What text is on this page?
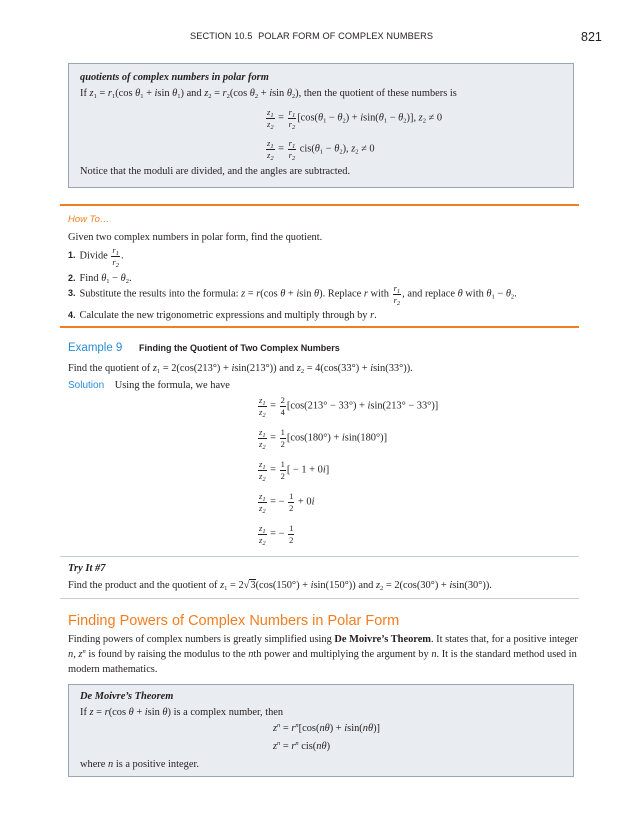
SECTION 10.5 POLAR FORM OF COMPLEX NUMBERS	821
quotients of complex numbers in polar form
If $z_1 = r_1(\cos$ $\theta_1 + isin$ $\theta_1$) and $z_2 = r_2(\cos$ $\theta_2 + isin$ $\theta_2$), then the quotient of these numbers is
$\frac{z_1}{z_2} = \frac{r_1}{r_2} [\cos(\theta_1 - \theta_2) + isin(\theta_1 - \theta_2)]$, $z_2 \ne 0$
$\frac{z_1}{z_2} = \frac{r_1}{r_2} cis(\theta_1 - \theta_2)$, $z_2 \ne 0$
Notice that the moduli are divided, and the angles are subtracted.
How To…
Given two complex numbers in polar form, find the quotient.
1. Divide $\frac{r_1}{r_2}$ .
2. Find $\theta_1 - \theta_2$.
3. Substitute the results into the formula: z = r(cos θ + isin θ). Replace r with $\frac{r_1}{r_2}$ , and replace θ with $\theta_1 - \theta_2$.
4. Calculate the new trigonometric expressions and multiply through by r.
Example 9 Finding the Quotient of Two Complex Numbers
Find the quotient of $z_1 = 2(\cos(213^\circ) + isin(213^\circ))$ and $z_2 = 4(\cos(33^\circ) + isin(33^\circ))$.
Solution Using the formula, we have
$\frac{z_1}{z_2} = \frac{2}{4} [\cos(213^\circ - 33^\circ) + isin(213^\circ - 33^\circ)]$
$\frac{z_1}{z_2} = \frac{1}{2} [\cos(180^\circ) + isin(180^\circ)]$
$\frac{z_1}{z_2} = \frac{1}{2}$ [ − 1 + 0i]
$\frac{z_1}{z_2}$ = − $\frac{1}{2} + 0i$
$\frac{z_1}{z_2}$ = − $\frac{1}{2}$
Try It #7
Find the product and the quotient of $z_1 = 2√3(\cos(150^\circ) + isin(150^\circ))$ and $z_2 = 2(\cos(30^\circ) + isin(30^\circ))$.
Finding Powers of Complex Numbers in Polar Form
Finding powers of complex numbers is greatly simplified using De Moivre’s Theorem. It states that, for a positive integer n, $z^n$ is found by raising the modulus to the nth power and multiplying the argument by n. It is the standard method used in modern mathematics.
De Moivre’s Theorem
If z = r(cos θ + isin θ) is a complex number, then
$z^n = r^n[\cos(n\theta) + isin(n\theta)]$
$z^n = r^n$ cis(nθ)
where n is a positive integer.
